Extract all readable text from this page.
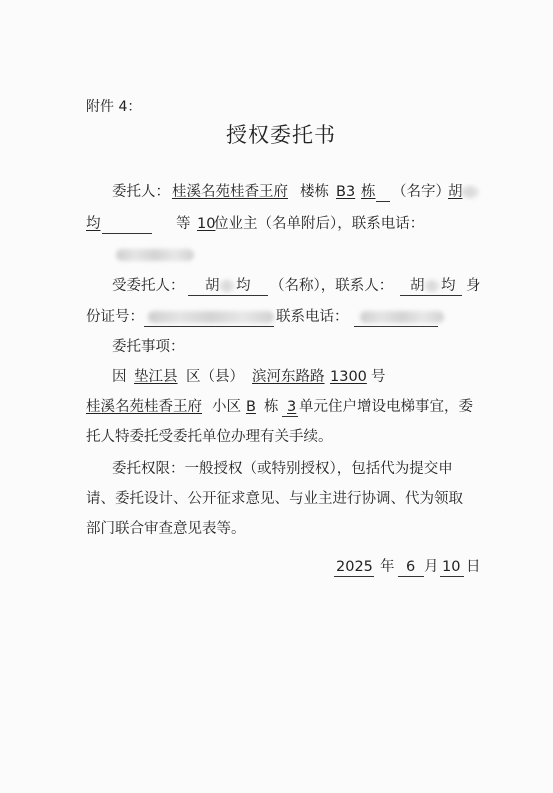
附件 4：
授权委托书
委托人： 桂溪名苑桂香王府 楼栋 B3 栋 （名字）
胡
均	等 10
位业主（名单附后），联系电话：
受委托人： 胡 均 （名称），联系人： 胡 均 身
份证号：	联系电话：
委托事项：
因 垫江县 区（县） 滨河东路路 1300 号
桂溪名苑桂香王府 小区 B 栋 3 单元住户增设电梯事宜，委
托人特委托受委托单位办理有关手续。
委托权限：一般授权（或特别授权），包括代为提交申
请、委托设计、公开征求意见、与业主进行协调、代为领取
部门联合审查意见表等。
2025 年 6 月 10 日
